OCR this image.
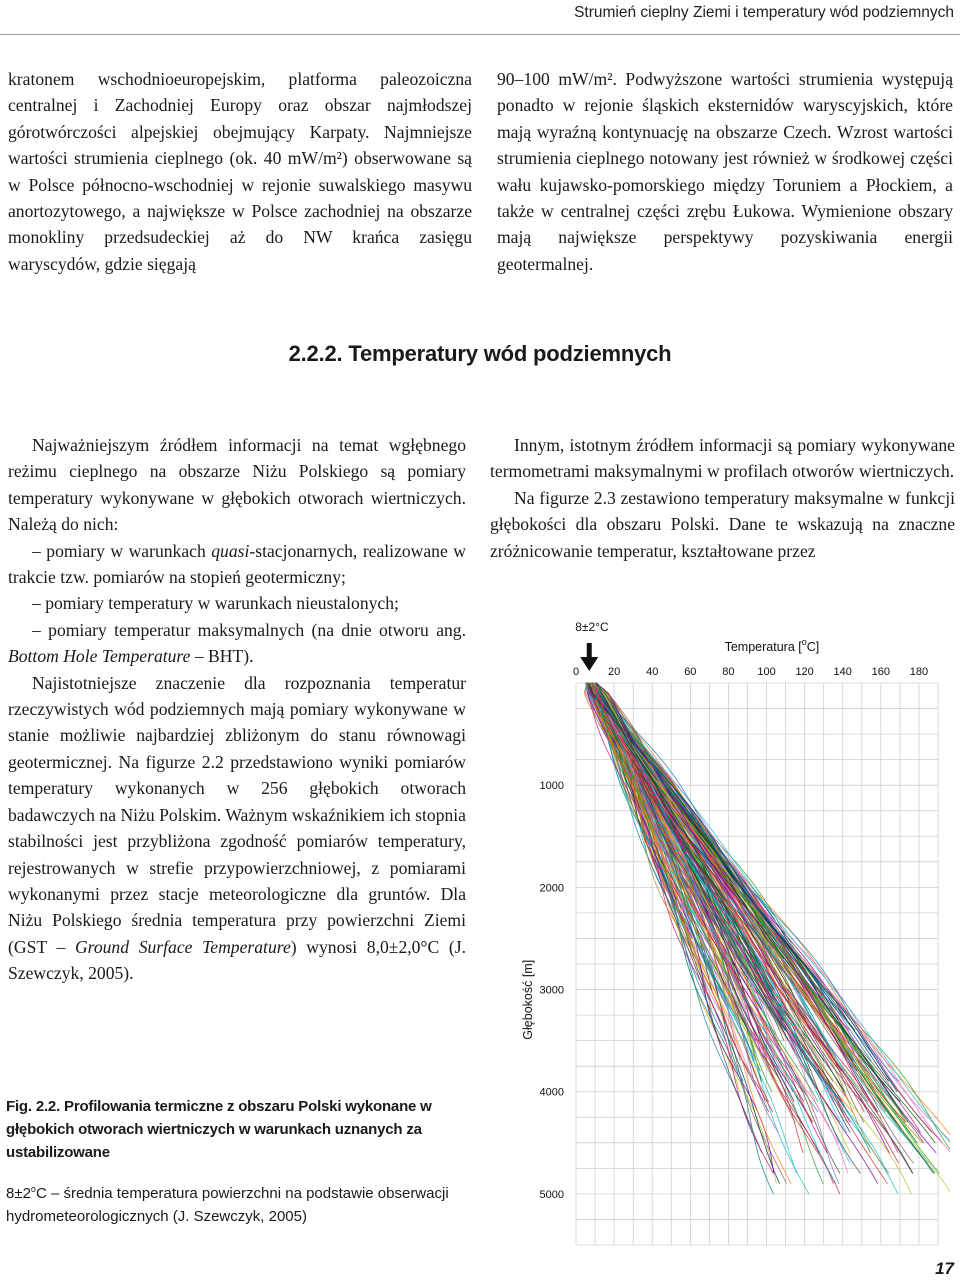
Strumień cieplny Ziemi i temperatury wód podziemnych

kratonem wschodnioeuropejskim, platforma paleozoiczna centralnej i Zachodniej Europy oraz obszar najmłodszej górotwórczości alpejskiej obejmujący Karpaty. Najmniejsze wartości strumienia cieplnego (ok. 40 mW/m²) obserwowane są w Polsce północno-wschodniej w rejonie suwalskiego masywu anortozytowego, a największe w Polsce zachodniej na obszarze monokliny przedsudeckiej aż do NW krańca zasięgu waryscydów, gdzie sięgają

90–100 mW/m². Podwyższone wartości strumienia występują ponadto w rejonie śląskich eksternidów waryscyjskich, które mają wyraźną kontynuację na obszarze Czech. Wzrost wartości strumienia cieplnego notowany jest również w środkowej części wału kujawsko-pomorskiego między Toruniem a Płockiem, a także w centralnej części zrębu Łukowa. Wymienione obszary mają największe perspektywy pozyskiwania energii geotermalnej.

2.2.2. Temperatury wód podziemnych

Najważniejszym źródłem informacji na temat wgłębnego reżimu cieplnego na obszarze Niżu Polskiego są pomiary temperatury wykonywane w głębokich otworach wiertniczych. Należą do nich:

– pomiary w warunkach quasi-stacjonarnych, realizowane w trakcie tzw. pomiarów na stopień geotermiczny;

– pomiary temperatury w warunkach nieustalonych;

– pomiary temperatur maksymalnych (na dnie otworu ang. Bottom Hole Temperature – BHT).

Najistotniejsze znaczenie dla rozpoznania temperatur rzeczywistych wód podziemnych mają pomiary wykonywane w stanie możliwie najbardziej zbliżonym do stanu równowagi geotermicznej. Na figurze 2.2 przedstawiono wyniki pomiarów temperatury wykonanych w 256 głębokich otworach badawczych na Niżu Polskim. Ważnym wskaźnikiem ich stopnia stabilności jest przybliżona zgodność pomiarów temperatury, rejestrowanych w strefie przypowierzchniowej, z pomiarami wykonanymi przez stacje meteorologiczne dla gruntów. Dla Niżu Polskiego średnia temperatura przy powierzchni Ziemi (GST – Ground Surface Temperature) wynosi 8,0±2,0°C (J. Szewczyk, 2005).

Innym, istotnym źródłem informacji są pomiary wykonywane termometrami maksymalnymi w profilach otworów wiertniczych.

Na figurze 2.3 zestawiono temperatury maksymalne w funkcji głębokości dla obszaru Polski. Dane te wskazują na znaczne zróżnicowanie temperatur, kształtowane przez

0	20 40 60 80 100 120 140 160 180
1000
2000
3000
4000
5000
Temperatura [$^o$C]
Głębokość [m]
8±2°C
Fig. 2.2. Profilowania termiczne z obszaru Polski wykonane w głębokich otworach wiertniczych w warunkach uznanych za ustabilizowane
$8\pm 2^oC$ – średnia temperatura powierzchni na podstawie obserwacji hydrometeorologicznych (J. Szewczyk, 2005)
17
